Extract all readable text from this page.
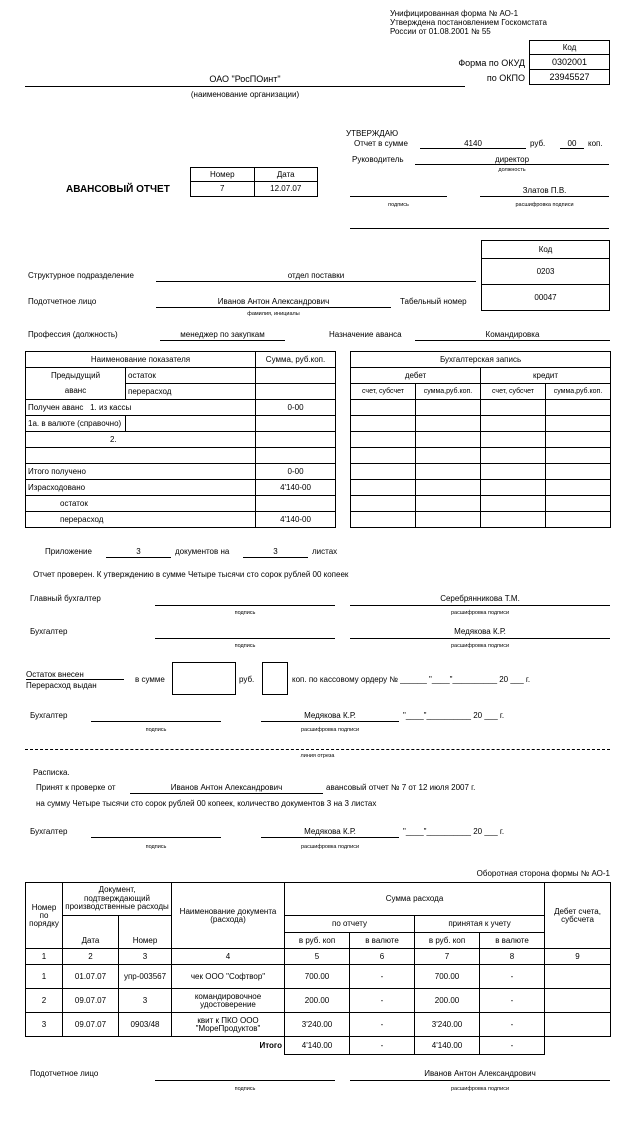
Унифицированная форма № АО-1
Утверждена постановлением Госкомстата
России от 01.08.2001 № 55
Код
0302001
23945527
Форма по ОКУД
по ОКПО
ОАО "РосПОинт"
(наименование организации)
УТВЕРЖДАЮ
Отчет в сумме	4140	руб.	00	коп.
Руководитель	директор
должность
Златов П.В.
подпись	расшифровка подписи
АВАНСОВЫЙ ОТЧЕТ
Номер	Дата
7	12.07.07
Код
0203
00047
Структурное подразделение	отдел поставки
Подотчетное лицо	Иванов Антон Александрович
фамилия, инициалы
Табельный номер
Профессия (должность)	менеджер по закупкам	Назначение аванса	Командировка
Наименование показателя		Сумма, руб.коп.
Предыдущий	остаток	
аванс	перерасход	
Получен аванс 1. из кассы		0-00
1а. в валюте (справочно)		
2.		

Итого получено		0-00
Израсходовано		4'140-00
остаток		
перерасход		4'140-00
Бухгалтерская запись			
дебет		кредит	
счет, субсчет	сумма,руб.коп.	счет, субсчет	сумма,руб.коп.

Приложение	3	документов на	3	листах
Отчет проверен. К утверждению в сумме Четыре тысячи сто сорок рублей 00 копеек
Главный бухгалтер	Серебрянникова Т.М.
подпись	расшифровка подписи
Бухгалтер	Медякова К.Р.
подпись	расшифровка подписи
Остаток внесен
Перерасход выдан
в сумме	руб.	коп. по кассовому ордеру № ______ "____"__________ 20 ___ г.
Бухгалтер	Медякова К.Р.	"____"__________ 20 ___ г.
подпись	расшифровка подписи
линия отреза
Расписка.
Принят к проверке от	Иванов Антон Александрович	авансовый отчет № 7 от 12 июля 2007 г.
на сумму Четыре тысячи сто сорок рублей 00 копеек, количество документов 3 на 3 листах
Бухгалтер	Медякова К.Р.	"____"__________ 20 ___ г.
подпись	расшифровка подписи
Оборотная сторона формы № АО-1
Номер по порядку	Документ, подтверждающий производственные расходы		Наименование документа (расхода)	Сумма расхода				Дебет счета, субсчета
	Дата	Номер		по отчету		принятая к учету		
				в руб. коп	в валюте	в руб. коп	в валюте	
1	2	3	4	5	6	7	8	9
1	01.07.07	упр-003567	чек ООО "Софтвор"	700.00	-	700.00	-	
2	09.07.07	3	командировочное удостоверение	200.00	-	200.00	-	
3	09.07.07	0903/48	квит к ПКО ООО "МореПродуктов"	3'240.00	-	3'240.00	-	
			Итого	4'140.00	-	4'140.00	-	
Подотчетное лицо	Иванов Антон Александрович
подпись	расшифровка подписи
